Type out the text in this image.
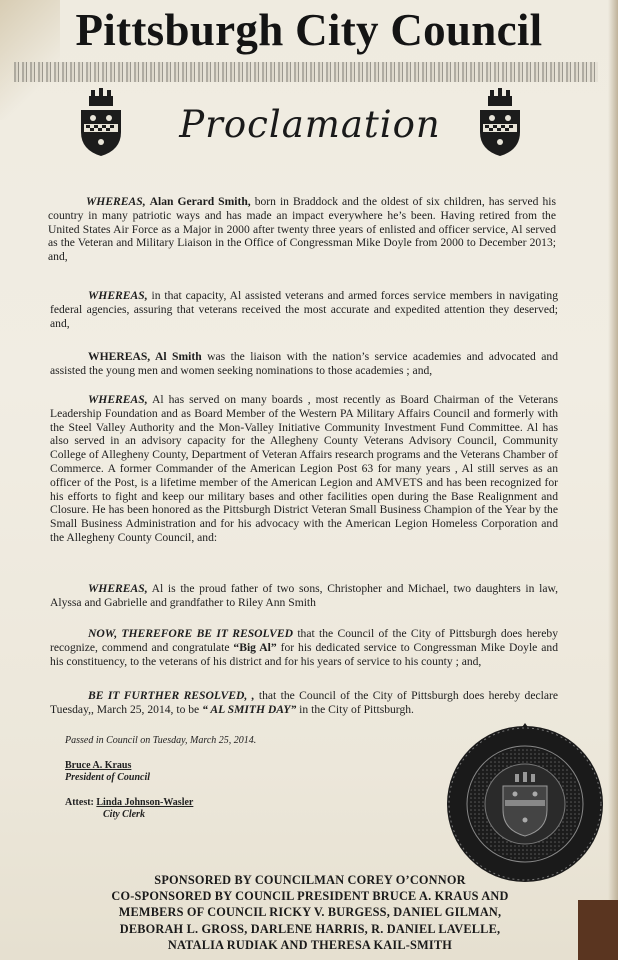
Pittsburgh City Council
Proclamation

WHEREAS, Alan Gerard Smith, born in Braddock and the oldest of six children, has served his country in many patriotic ways and has made an impact everywhere he’s been. Having retired from the United States Air Force as a Major in 2000 after twenty three years of enlisted and officer service, Al served as the Veteran and Military Liaison in the Office of Congressman Mike Doyle from 2000 to December 2013; and,

WHEREAS, in that capacity, Al assisted veterans and armed forces service members in navigating federal agencies, assuring that veterans received the most accurate and expedited attention they deserved; and,

WHEREAS, Al Smith was the liaison with the nation’s service academies and advocated and assisted the young men and women seeking nominations to those academies ; and,

WHEREAS, Al has served on many boards , most recently as Board Chairman of the Veterans Leadership Foundation and as Board Member of the Western PA Military Affairs Council and formerly with the Steel Valley Authority and the Mon-Valley Initiative Community Investment Fund Committee. Al has also served in an advisory capacity for the Allegheny County Veterans Advisory Council, Community College of Allegheny County, Department of Veteran Affairs research programs and the Veterans Chamber of Commerce. A former Commander of the American Legion Post 63 for many years , Al still serves as an officer of the Post, is a lifetime member of the American Legion and AMVETS and has been recognized for his efforts to fight and keep our military bases and other facilities open during the Base Realignment and Closure. He has been honored as the Pittsburgh District Veteran Small Business Champion of the Year by the Small Business Administration and for his advocacy with the American Legion Homeless Corporation and the Allegheny County Council, and:

WHEREAS, Al is the proud father of two sons, Christopher and Michael, two daughters in law, Alyssa and Gabrielle and grandfather to Riley Ann Smith

NOW, THEREFORE BE IT RESOLVED that the Council of the City of Pittsburgh does hereby recognize, commend and congratulate “Big Al” for his dedicated service to Congressman Mike Doyle and his constituency, to the veterans of his district and for his years of service to his county ; and,

BE IT FURTHER RESOLVED, , that the Council of the City of Pittsburgh does hereby declare Tuesday,, March 25, 2014, to be “ AL SMITH DAY” in the City of Pittsburgh.

Passed in Council on Tuesday, March 25, 2014.
Bruce A. Kraus
President of Council
Attest: Linda Johnson-Wasler
City Clerk
SPONSORED BY COUNCILMAN COREY O’CONNOR
CO-SPONSORED BY COUNCIL PRESIDENT BRUCE A. KRAUS AND
MEMBERS OF COUNCIL RICKY V. BURGESS, DANIEL GILMAN,
DEBORAH L. GROSS, DARLENE HARRIS, R. DANIEL LAVELLE,
NATALIA RUDIAK AND THERESA KAIL-SMITH
